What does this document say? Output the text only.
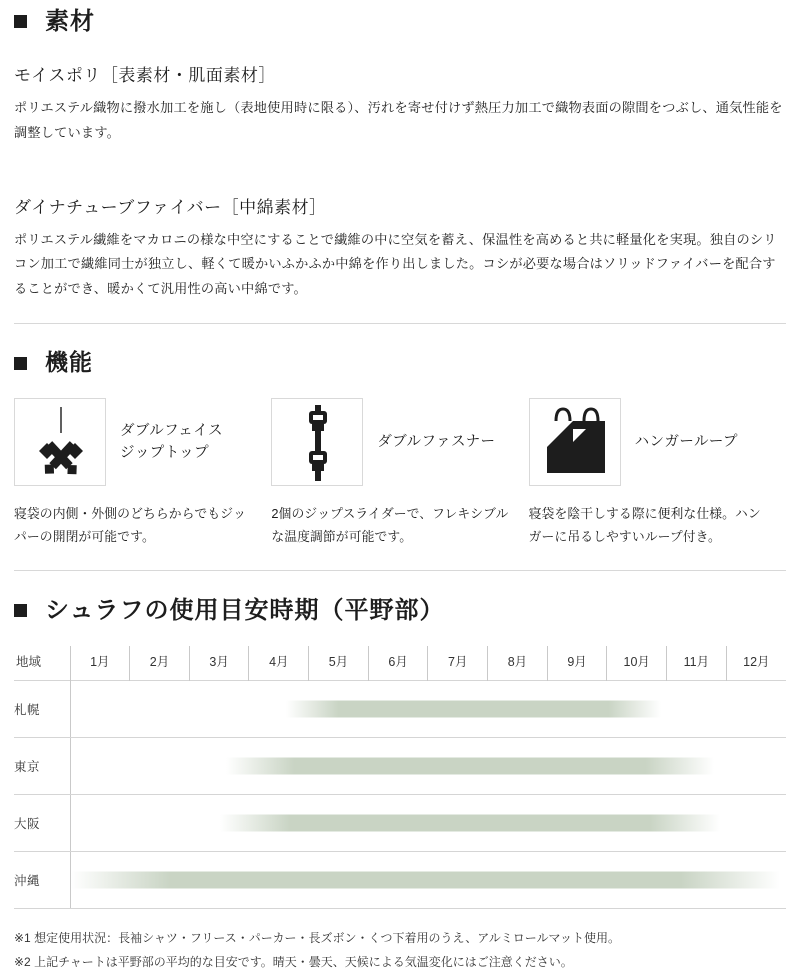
素材
モイスポリ［表素材・肌面素材］

ポリエステル織物に撥水加工を施し（表地使用時に限る）、汚れを寄せ付けず熱圧力加工で織物表面の隙間をつぶし、通気性能を調整しています。

ダイナチューブファイバー［中綿素材］

ポリエステル繊維をマカロニの様な中空にすることで繊維の中に空気を蓄え、保温性を高めると共に軽量化を実現。独自のシリコン加工で繊維同士が独立し、軽くて暖かいふかふか中綿を作り出しました。コシが必要な場合はソリッドファイバーを配合することができ、暖かくて汎用性の高い中綿です。

機能
ダブルフェイス
ジップトップ
寝袋の内側・外側のどちらからでもジッパーの開閉が可能です。
ダブルファスナー
2個のジップスライダーで、フレキシブルな温度調節が可能です。
ハンガーループ
寝袋を陰干しする際に便利な仕様。ハンガーに吊るしやすいループ付き。
シュラフの使用目安時期（平野部）
地域	1月	2月	3月	4月	5月	6月	7月	8月	9月	10月	11月	12月
札幌												

東京												

大阪												

沖縄												
※1 想定使用状況：長袖シャツ・フリース・パーカー・長ズボン・くつ下着用のうえ、アルミロールマット使用。
※2 上記チャートは平野部の平均的な目安です。晴天・曇天、天候による気温変化にはご注意ください。
